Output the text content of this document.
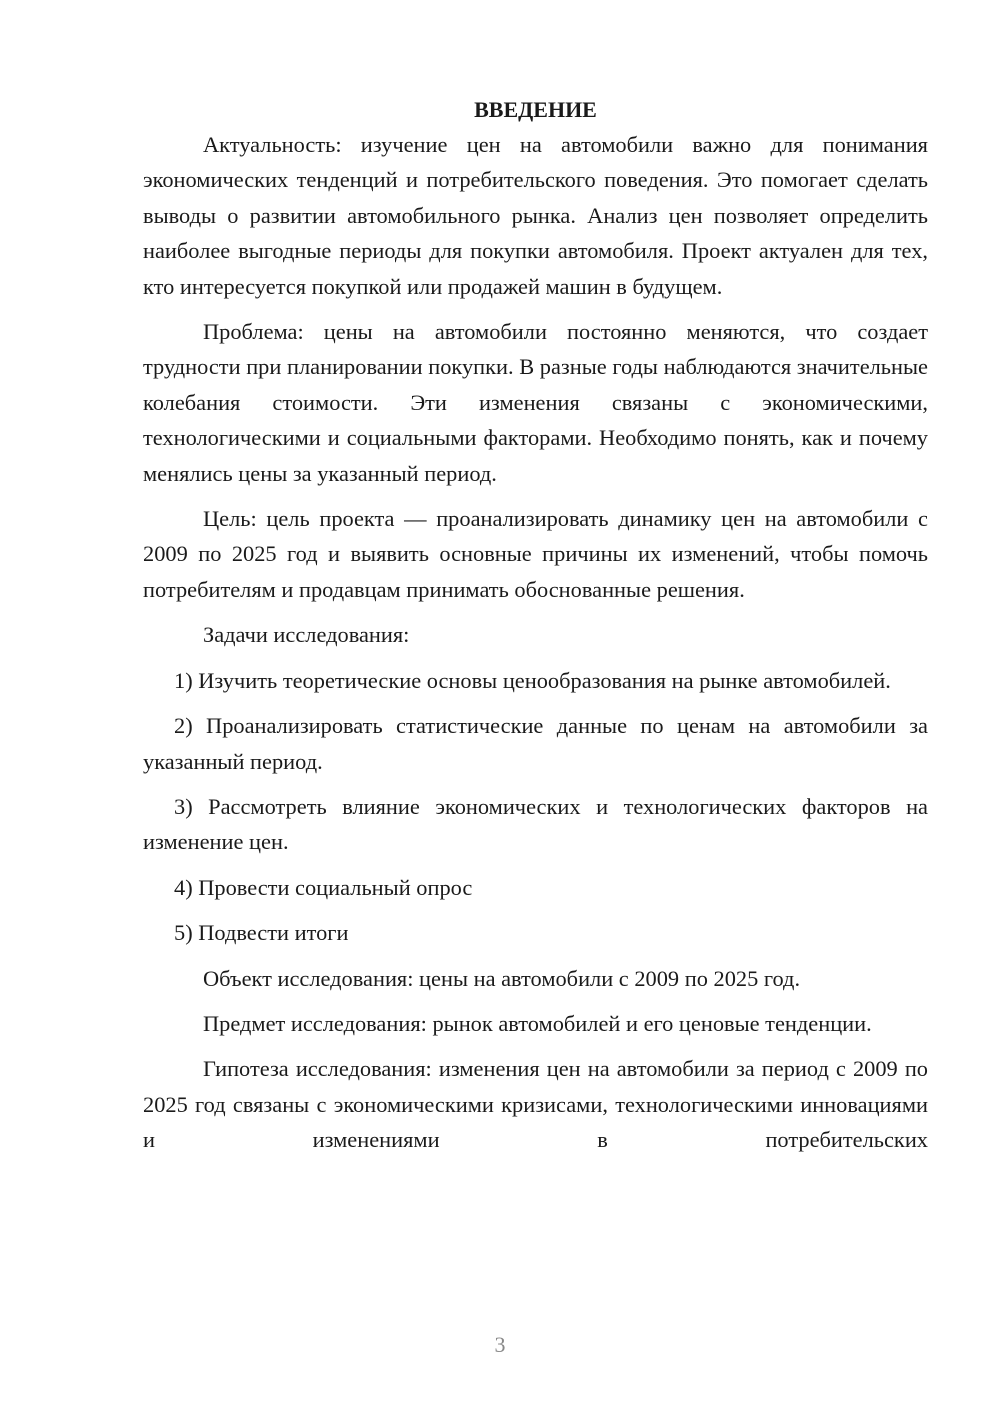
ВВЕДЕНИЕ

Актуальность: изучение цен на автомобили важно для понимания экономических тенденций и потребительского поведения. Это помогает сделать выводы о развитии автомобильного рынка. Анализ цен позволяет определить наиболее выгодные периоды для покупки автомобиля. Проект актуален для тех, кто интересуется покупкой или продажей машин в будущем.

Проблема: цены на автомобили постоянно меняются, что создает трудности при планировании покупки. В разные годы наблюдаются значительные колебания стоимости. Эти изменения связаны с экономическими, технологическими и социальными факторами. Необходимо понять, как и почему менялись цены за указанный период.

Цель: цель проекта — проанализировать динамику цен на автомобили с 2009 по 2025 год и выявить основные причины их изменений, чтобы помочь потребителям и продавцам принимать обоснованные решения.

Задачи исследования:

1) Изучить теоретические основы ценообразования на рынке автомобилей.

2) Проанализировать статистические данные по ценам на автомобили за указанный период.

3) Рассмотреть влияние экономических и технологических факторов на изменение цен.

4) Провести социальный опрос

5) Подвести итоги

Объект исследования: цены на автомобили с 2009 по 2025 год.

Предмет исследования: рынок автомобилей и его ценовые тенденции.

Гипотеза исследования: изменения цен на автомобили за период с 2009 по 2025 год связаны с экономическими кризисами, технологическими инновациями и изменениями в потребительских

3
